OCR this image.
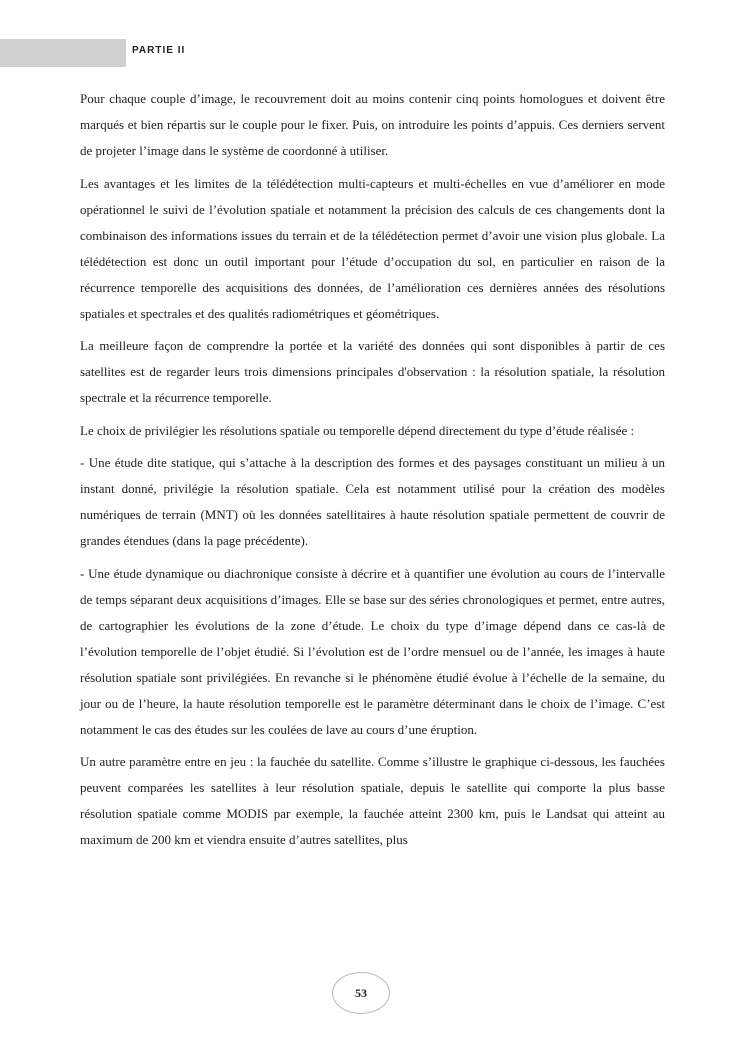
PARTIE II

Pour chaque couple d’image, le recouvrement doit au moins contenir cinq points homologues et doivent être marqués et bien répartis sur le couple pour le fixer. Puis, on introduire les points d’appuis. Ces derniers servent de projeter l’image dans le système de coordonné à utiliser.

Les avantages et les limites de la télédétection multi-capteurs et multi-échelles en vue d’améliorer en mode opérationnel le suivi de l’évolution spatiale et notamment la précision des calculs de ces changements dont la combinaison des informations issues du terrain et de la télédétection permet d’avoir une vision plus globale. La télédétection est donc un outil important pour l’étude d’occupation du sol, en particulier en raison de la récurrence temporelle des acquisitions des données, de l’amélioration ces dernières années des résolutions spatiales et spectrales et des qualités radiométriques et géométriques.

La meilleure façon de comprendre la portée et la variété des données qui sont disponibles à partir de ces satellites est de regarder leurs trois dimensions principales d'observation : la résolution spatiale, la résolution spectrale et la récurrence temporelle.

Le choix de privilégier les résolutions spatiale ou temporelle dépend directement du type d’étude réalisée :

- Une étude dite statique, qui s’attache à la description des formes et des paysages constituant un milieu à un instant donné, privilégie la résolution spatiale. Cela est notamment utilisé pour la création des modèles numériques de terrain (MNT) où les données satellitaires à haute résolution spatiale permettent de couvrir de grandes étendues (dans la page précédente).

- Une étude dynamique ou diachronique consiste à décrire et à quantifier une évolution au cours de l’intervalle de temps séparant deux acquisitions d’images. Elle se base sur des séries chronologiques et permet, entre autres, de cartographier les évolutions de la zone d’étude. Le choix du type d’image dépend dans ce cas-là de l’évolution temporelle de l’objet étudié. Si l’évolution est de l’ordre mensuel ou de l’année, les images à haute résolution spatiale sont privilégiées. En revanche si le phénomène étudié évolue à l’échelle de la semaine, du jour ou de l’heure, la haute résolution temporelle est le paramètre déterminant dans le choix de l’image. C’est notamment le cas des études sur les coulées de lave au cours d’une éruption.

Un autre paramètre entre en jeu : la fauchée du satellite. Comme s’illustre le graphique ci-dessous, les fauchées peuvent comparées les satellites à leur résolution spatiale, depuis le satellite qui comporte la plus basse résolution spatiale comme MODIS par exemple, la fauchée atteint 2300 km, puis le Landsat qui atteint au maximum de 200 km et viendra ensuite d’autres satellites, plus

53
